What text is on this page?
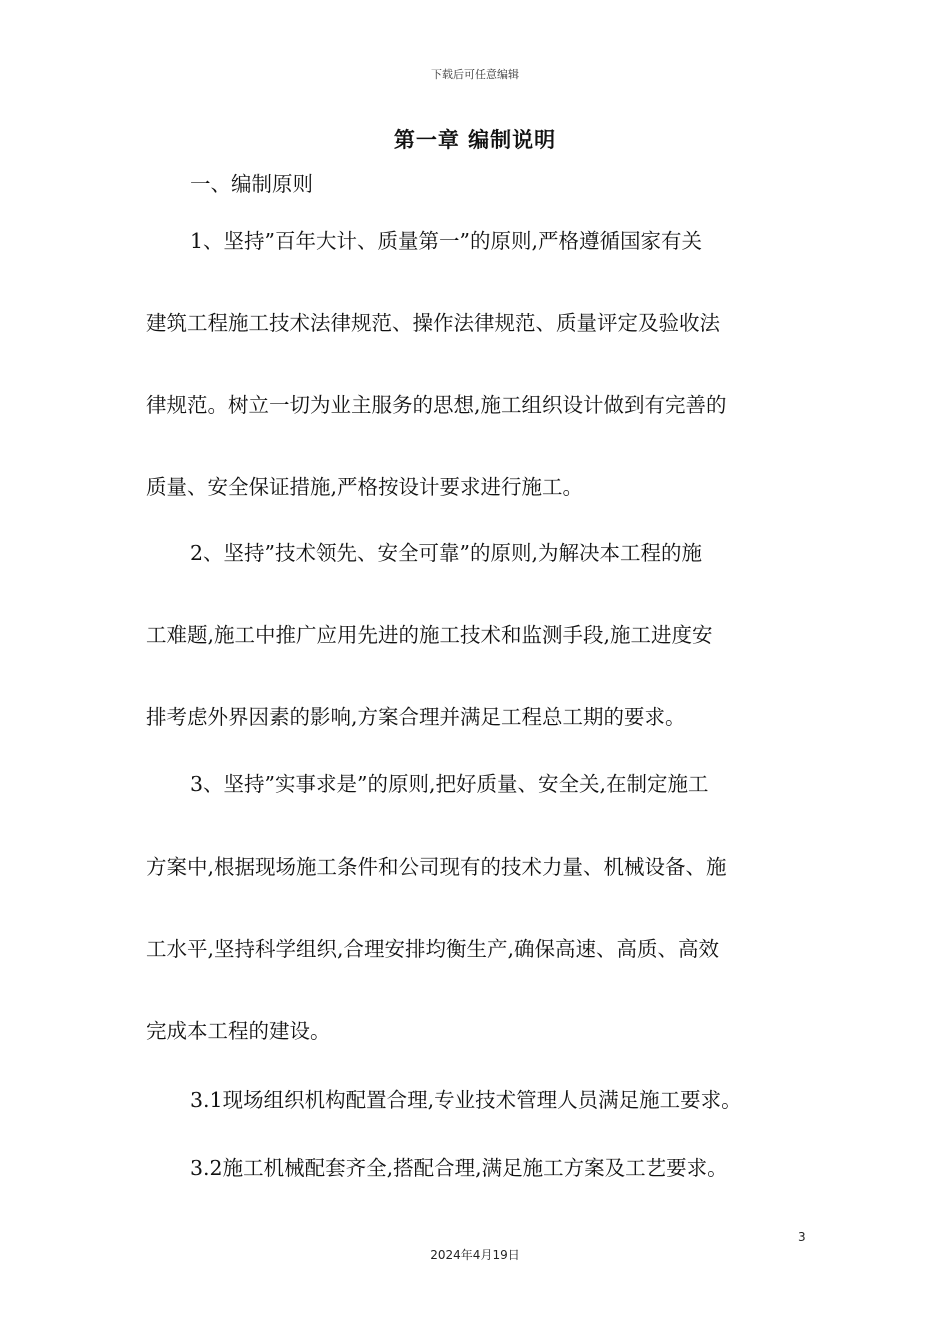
下载后可任意编辑
第一章 编制说明
一、编制原则
1、坚持”百年大计、质量第一”的原则,严格遵循国家有关
建筑工程施工技术法律规范、操作法律规范、质量评定及验收法
律规范。树立一切为业主服务的思想,施工组织设计做到有完善的
质量、安全保证措施,严格按设计要求进行施工。
2、坚持”技术领先、安全可靠”的原则,为解决本工程的施
工难题,施工中推广应用先进的施工技术和监测手段,施工进度安
排考虑外界因素的影响,方案合理并满足工程总工期的要求。
3、坚持”实事求是”的原则,把好质量、安全关,在制定施工
方案中,根据现场施工条件和公司现有的技术力量、机械设备、施
工水平,坚持科学组织,合理安排均衡生产,确保高速、高质、高效
完成本工程的建设。
3.1现场组织机构配置合理,专业技术管理人员满足施工要求。
3.2施工机械配套齐全,搭配合理,满足施工方案及工艺要求。
3
2024年4月19日
